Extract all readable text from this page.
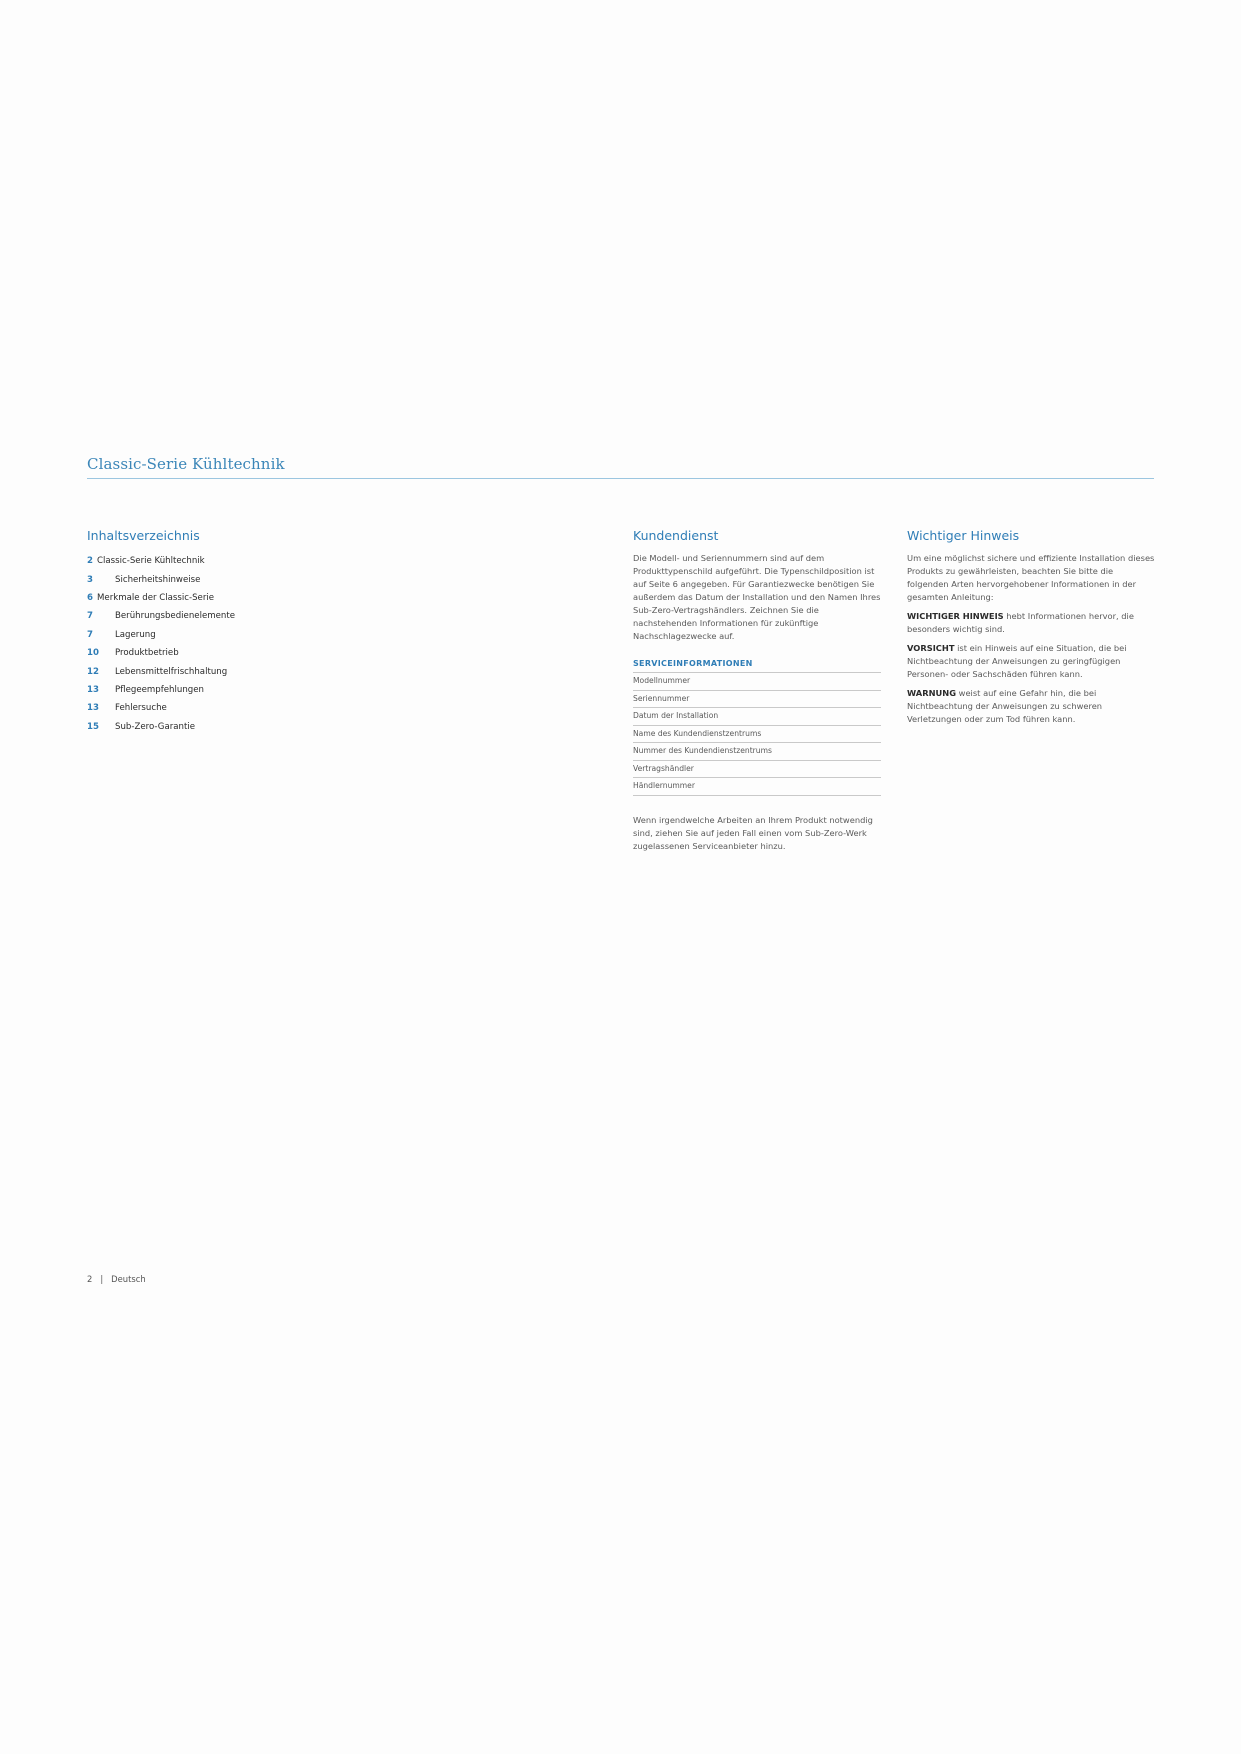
Classic-Serie Kühltechnik
Inhaltsverzeichnis
2 Classic-Serie Kühltechnik
3	Sicherheitshinweise
6 Merkmale der Classic-Serie
7	Berührungsbedienelemente
7	Lagerung
10	Produktbetrieb
12	Lebensmittelfrischhaltung
13	Pflegeempfehlungen
13	Fehlersuche
15	Sub-Zero-Garantie
Kundendienst

Die Modell- und Seriennummern sind auf dem Produkttypenschild aufgeführt. Die Typenschildposition ist auf Seite 6 angegeben. Für Garantiezwecke benötigen Sie außerdem das Datum der Installation und den Namen Ihres Sub-Zero-Vertragshändlers. Zeichnen Sie die nachstehenden Informationen für zukünftige Nachschlagezwecke auf.

SERVICEINFORMATIONEN
Modellnummer
Seriennummer
Datum der Installation
Name des Kundendienstzentrums
Nummer des Kundendienstzentrums
Vertragshändler
Händlernummer

Wenn irgendwelche Arbeiten an Ihrem Produkt notwendig sind, ziehen Sie auf jeden Fall einen vom Sub-Zero-Werk zugelassenen Serviceanbieter hinzu.

Wichtiger Hinweis

Um eine möglichst sichere und effiziente Installation dieses Produkts zu gewährleisten, beachten Sie bitte die folgenden Arten hervorgehobener Informationen in der gesamten Anleitung:

WICHTIGER HINWEIS hebt Informationen hervor, die besonders wichtig sind.

VORSICHT ist ein Hinweis auf eine Situation, die bei Nichtbeachtung der Anweisungen zu geringfügigen Personen- oder Sachschäden führen kann.

WARNUNG weist auf eine Gefahr hin, die bei Nichtbeachtung der Anweisungen zu schweren Verletzungen oder zum Tod führen kann.

2 | Deutsch
